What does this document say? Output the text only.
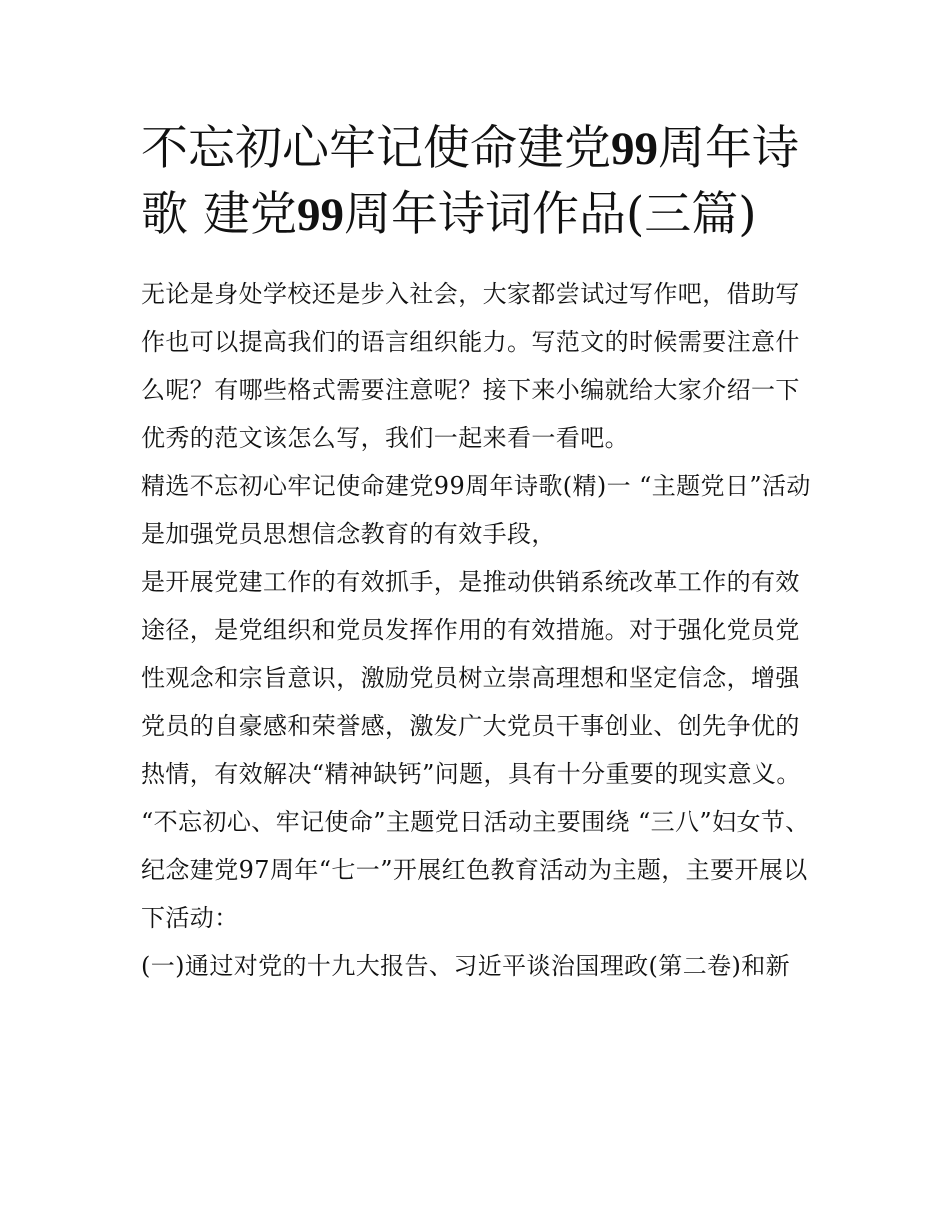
不忘初心牢记使命建党99周年诗歌 建党99周年诗词作品(三篇)

无论是身处学校还是步入社会，大家都尝试过写作吧，借助写作也可以提高我们的语言组织能力。写范文的时候需要注意什么呢？有哪些格式需要注意呢？接下来小编就给大家介绍一下优秀的范文该怎么写，我们一起来看一看吧。

精选不忘初心牢记使命建党99周年诗歌(精)一 “主题党日”活动是加强党员思想信念教育的有效手段，

是开展党建工作的有效抓手，是推动供销系统改革工作的有效途径，是党组织和党员发挥作用的有效措施。对于强化党员党性观念和宗旨意识，激励党员树立崇高理想和坚定信念，增强党员的自豪感和荣誉感，激发广大党员干事创业、创先争优的热情，有效解决“精神缺钙”问题，具有十分重要的现实意义。

“不忘初心、牢记使命”主题党日活动主要围绕 “三八”妇女节、纪念建党97周年“七一”开展红色教育活动为主题，主要开展以下活动：

(一)通过对党的十九大报告、习近平谈治国理政(第二卷)和新
